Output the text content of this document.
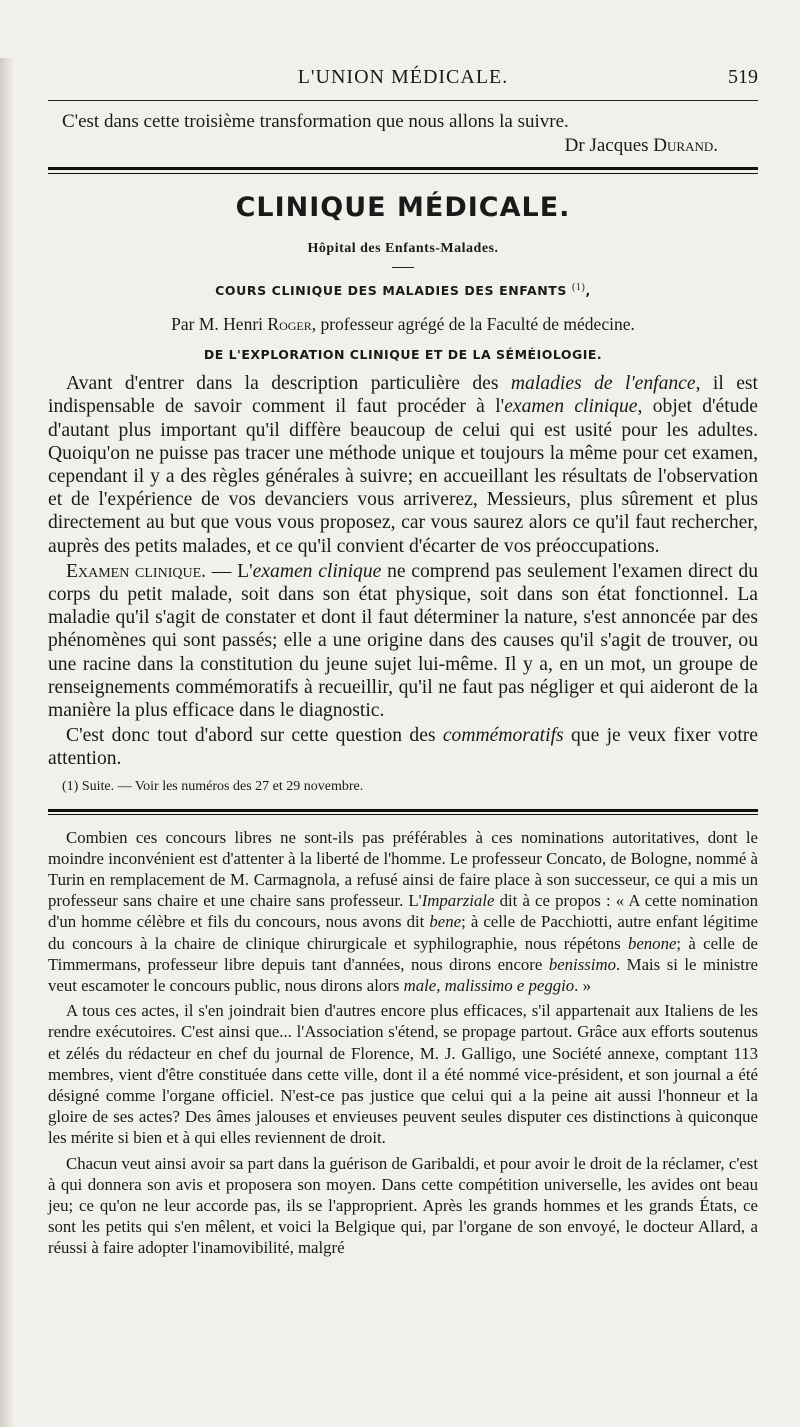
L'UNION MÉDICALE.	519
C'est dans cette troisième transformation que nous allons la suivre.
Dr Jacques Durand.
CLINIQUE MÉDICALE.
Hôpital des Enfants-Malades.
COURS CLINIQUE DES MALADIES DES ENFANTS $^{(1)}$,
Par M. Henri Roger, professeur agrégé de la Faculté de médecine.
DE L'EXPLORATION CLINIQUE ET DE LA SÉMÉIOLOGIE.

Avant d'entrer dans la description particulière des maladies de l'enfance, il est indispensable de savoir comment il faut procéder à l'examen clinique, objet d'étude d'autant plus important qu'il diffère beaucoup de celui qui est usité pour les adultes. Quoiqu'on ne puisse pas tracer une méthode unique et toujours la même pour cet examen, cependant il y a des règles générales à suivre; en accueillant les résultats de l'observation et de l'expérience de vos devanciers vous arriverez, Messieurs, plus sûrement et plus directement au but que vous vous proposez, car vous saurez alors ce qu'il faut rechercher, auprès des petits malades, et ce qu'il convient d'écarter de vos préoccupations.

Examen clinique. — L'examen clinique ne comprend pas seulement l'examen direct du corps du petit malade, soit dans son état physique, soit dans son état fonctionnel. La maladie qu'il s'agit de constater et dont il faut déterminer la nature, s'est annoncée par des phénomènes qui sont passés; elle a une origine dans des causes qu'il s'agit de trouver, ou une racine dans la constitution du jeune sujet lui-même. Il y a, en un mot, un groupe de renseignements commémoratifs à recueillir, qu'il ne faut pas négliger et qui aideront de la manière la plus efficace dans le diagnostic.

C'est donc tout d'abord sur cette question des commémoratifs que je veux fixer votre attention.

(1) Suite. — Voir les numéros des 27 et 29 novembre.

Combien ces concours libres ne sont-ils pas préférables à ces nominations autoritatives, dont le moindre inconvénient est d'attenter à la liberté de l'homme. Le professeur Concato, de Bologne, nommé à Turin en remplacement de M. Carmagnola, a refusé ainsi de faire place à son successeur, ce qui a mis un professeur sans chaire et une chaire sans professeur. L'Imparziale dit à ce propos : « A cette nomination d'un homme célèbre et fils du concours, nous avons dit bene; à celle de Pacchiotti, autre enfant légitime du concours à la chaire de clinique chirurgicale et syphilographie, nous répétons benone; à celle de Timmermans, professeur libre depuis tant d'années, nous dirons encore benissimo. Mais si le ministre veut escamoter le concours public, nous dirons alors male, malissimo e peggio. »

A tous ces actes, il s'en joindrait bien d'autres encore plus efficaces, s'il appartenait aux Italiens de les rendre exécutoires. C'est ainsi que... l'Association s'étend, se propage partout. Grâce aux efforts soutenus et zélés du rédacteur en chef du journal de Florence, M. J. Galligo, une Société annexe, comptant 113 membres, vient d'être constituée dans cette ville, dont il a été nommé vice-président, et son journal a été désigné comme l'organe officiel. N'est-ce pas justice que celui qui a la peine ait aussi l'honneur et la gloire de ses actes? Des âmes jalouses et envieuses peuvent seules disputer ces distinctions à quiconque les mérite si bien et à qui elles reviennent de droit.

Chacun veut ainsi avoir sa part dans la guérison de Garibaldi, et pour avoir le droit de la réclamer, c'est à qui donnera son avis et proposera son moyen. Dans cette compétition universelle, les avides ont beau jeu; ce qu'on ne leur accorde pas, ils se l'approprient. Après les grands hommes et les grands États, ce sont les petits qui s'en mêlent, et voici la Belgique qui, par l'organe de son envoyé, le docteur Allard, a réussi à faire adopter l'inamovibilité, malgré
